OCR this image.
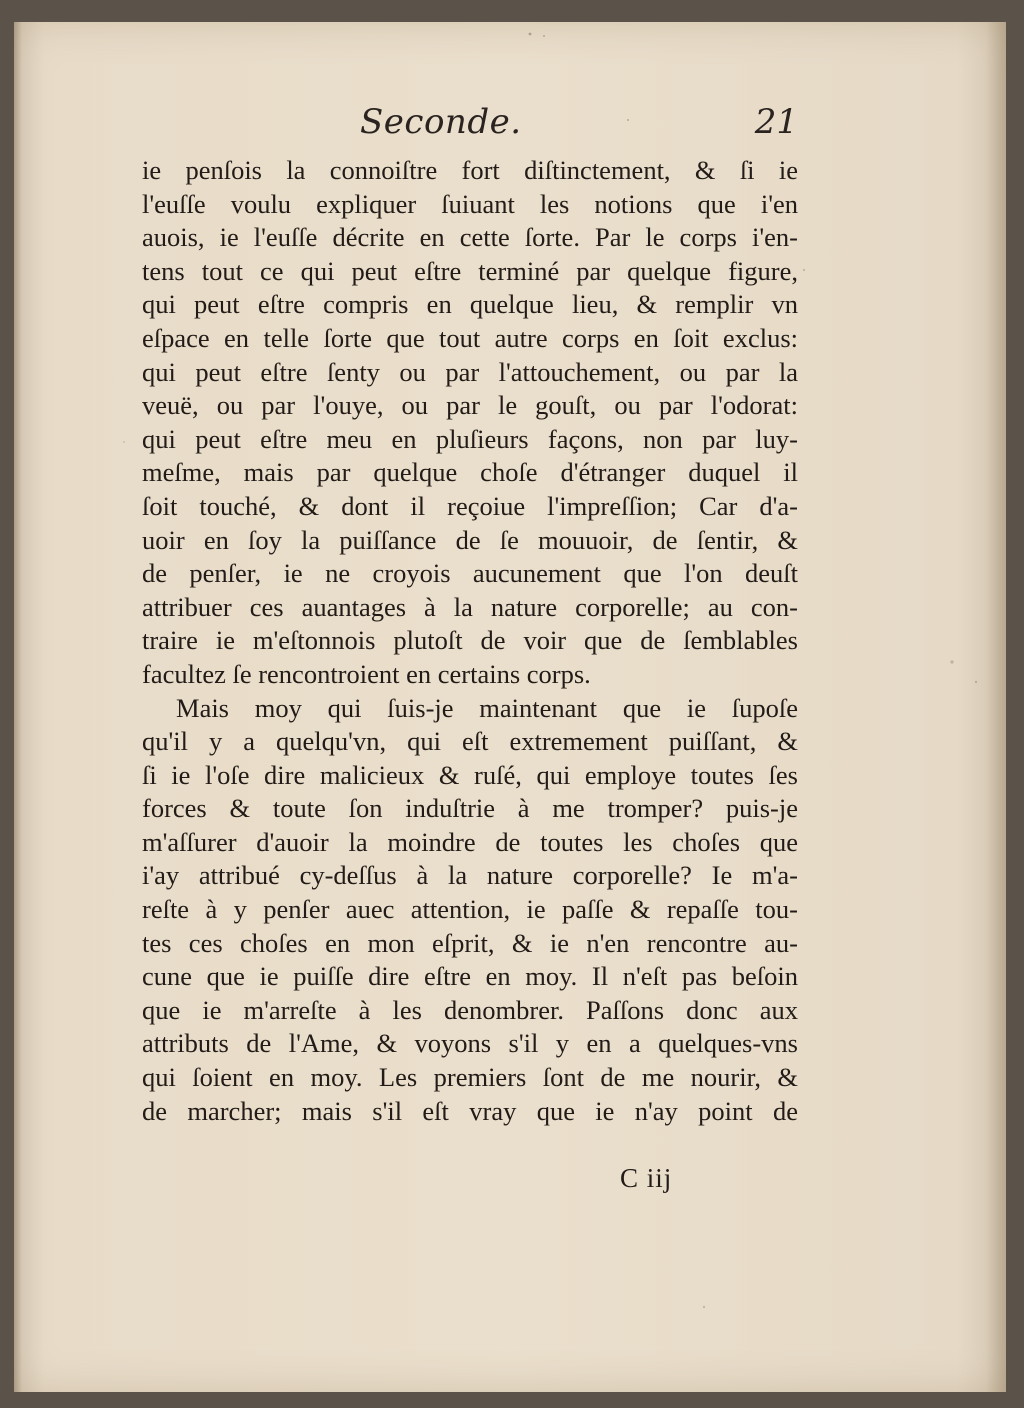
Seconde.	21
ie penſois la connoiſtre fort diſtinctement, & ſi ie
l'euſſe voulu expliquer ſuiuant les notions que i'en
auois, ie l'euſſe décrite en cette ſorte. Par le corps i'en-
tens tout ce qui peut eſtre terminé par quelque figure,
qui peut eſtre compris en quelque lieu, & remplir vn
eſpace en telle ſorte que tout autre corps en ſoit exclus:
qui peut eſtre ſenty ou par l'attouchement, ou par la
veuë, ou par l'ouye, ou par le gouſt, ou par l'odorat:
qui peut eſtre meu en pluſieurs façons, non par luy-
meſme, mais par quelque choſe d'étranger duquel il
ſoit touché, & dont il reçoiue l'impreſſion; Car d'a-
uoir en ſoy la puiſſance de ſe mouuoir, de ſentir, &
de penſer, ie ne croyois aucunement que l'on deuſt
attribuer ces auantages à la nature corporelle; au con-
traire ie m'eſtonnois plutoſt de voir que de ſemblables
facultez ſe rencontroient en certains corps.
Mais moy qui ſuis-je maintenant que ie ſupoſe
qu'il y a quelqu'vn, qui eſt extremement puiſſant, &
ſi ie l'oſe dire malicieux & ruſé, qui employe toutes ſes
forces & toute ſon induſtrie à me tromper? puis-je
m'aſſurer d'auoir la moindre de toutes les choſes que
i'ay attribué cy-deſſus à la nature corporelle? Ie m'a-
reſte à y penſer auec attention, ie paſſe & repaſſe tou-
tes ces choſes en mon eſprit, & ie n'en rencontre au-
cune que ie puiſſe dire eſtre en moy. Il n'eſt pas beſoin
que ie m'arreſte à les denombrer. Paſſons donc aux
attributs de l'Ame, & voyons s'il y en a quelques-vns
qui ſoient en moy. Les premiers ſont de me nourir, &
de marcher; mais s'il eſt vray que ie n'ay point de
C iij
